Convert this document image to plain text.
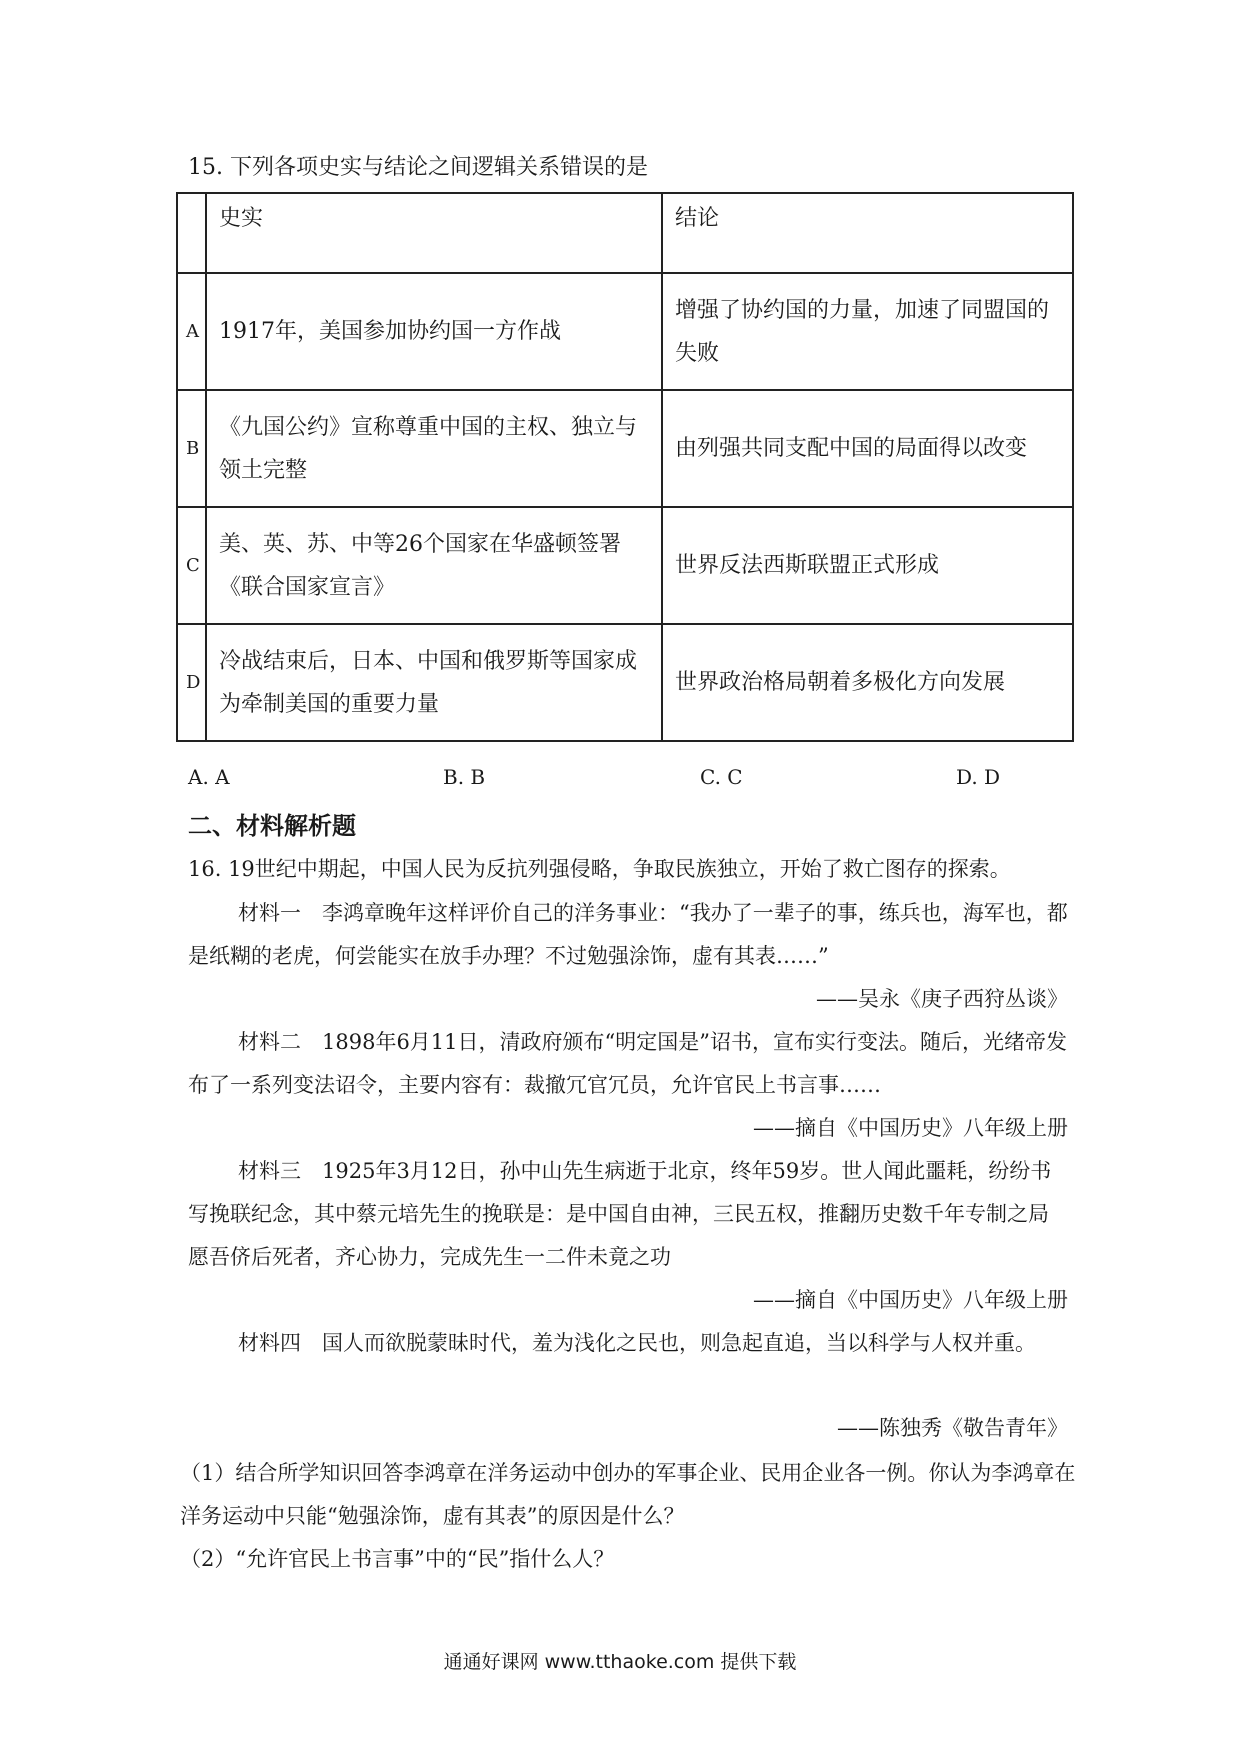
15. 下列各项史实与结论之间逻辑关系错误的是
	史实	结论
A	1917年，美国参加协约国一方作战	增强了协约国的力量，加速了同盟国的失败
B	《九国公约》宣称尊重中国的主权、独立与领土完整	由列强共同支配中国的局面得以改变
C	美、英、苏、中等26个国家在华盛顿签署《联合国家宣言》	世界反法西斯联盟正式形成
D	冷战结束后，日本、中国和俄罗斯等国家成为牵制美国的重要力量	世界政治格局朝着多极化方向发展
A. A	B. B	C. C	D. D
二、材料解析题
16. 19世纪中期起，中国人民为反抗列强侵略，争取民族独立，开始了救亡图存的探索。
材料一　李鸿章晚年这样评价自己的洋务事业：“我办了一辈子的事，练兵也，海军也，都是纸糊的老虎，何尝能实在放手办理？不过勉强涂饰，虚有其表……”
——吴永《庚子西狩丛谈》
材料二　1898年6月11日，清政府颁布“明定国是”诏书，宣布实行变法。随后，光绪帝发布了一系列变法诏令，主要内容有：裁撤冗官冗员，允许官民上书言事……
——摘自《中国历史》八年级上册
材料三　1925年3月12日，孙中山先生病逝于北京，终年59岁。世人闻此噩耗，纷纷书写挽联纪念，其中蔡元培先生的挽联是：是中国自由神，三民五权，推翻历史数千年专制之局愿吾侪后死者，齐心协力，完成先生一二件未竟之功
——摘自《中国历史》八年级上册
材料四　国人而欲脱蒙昧时代，羞为浅化之民也，则急起直追，当以科学与人权并重。
——陈独秀《敬告青年》
（1）结合所学知识回答李鸿章在洋务运动中创办的军事企业、民用企业各一例。你认为李鸿章在洋务运动中只能“勉强涂饰，虚有其表”的原因是什么？
（2）“允许官民上书言事”中的“民”指什么人？
通通好课网 www.tthaoke.com 提供下载
